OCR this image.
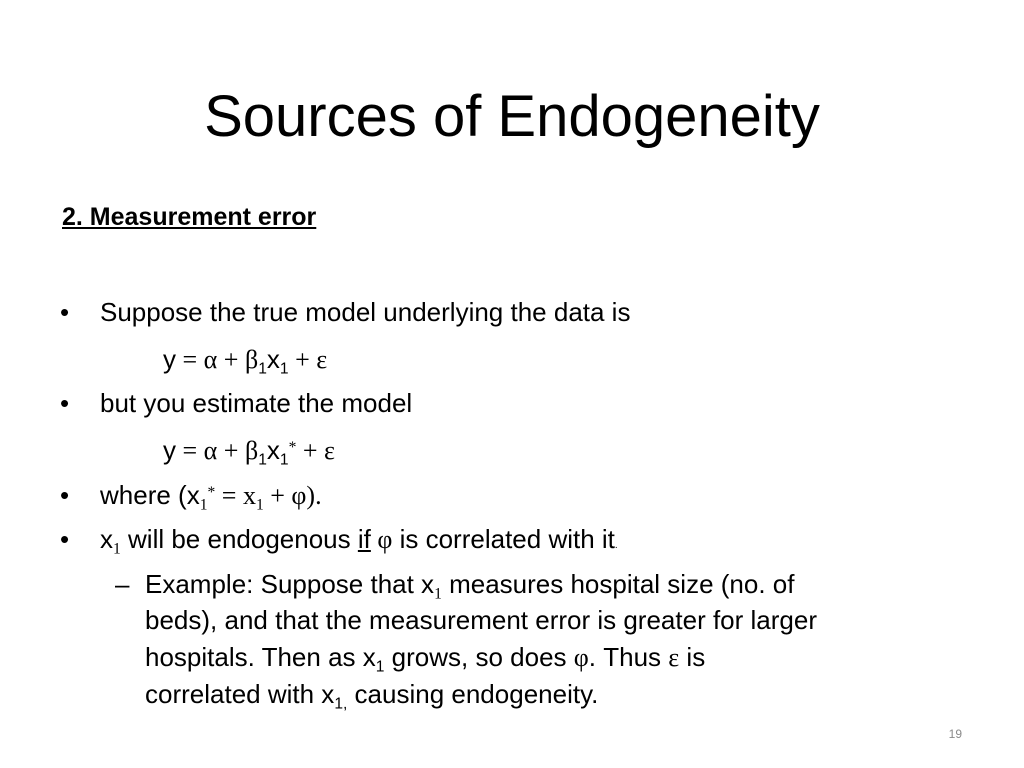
Sources of Endogeneity
2. Measurement error
• Suppose the true model underlying the data is
$y = \alpha + \beta_1x_1 + \varepsilon$
• but you estimate the model
$y = \alpha + \beta_1x_1^* + \varepsilon$
• where $(x_1^* = x_1 + \varphi)$.
• $x_1$ will be endogenous if φ is correlated with it.
– Example: Suppose that $x_1$ measures hospital size (no. of
beds), and that the measurement error is greater for larger
hospitals. Then as $x_1$ grows, so does φ. Thus ε is
correlated with $x_{1,}$ causing endogeneity.
19
